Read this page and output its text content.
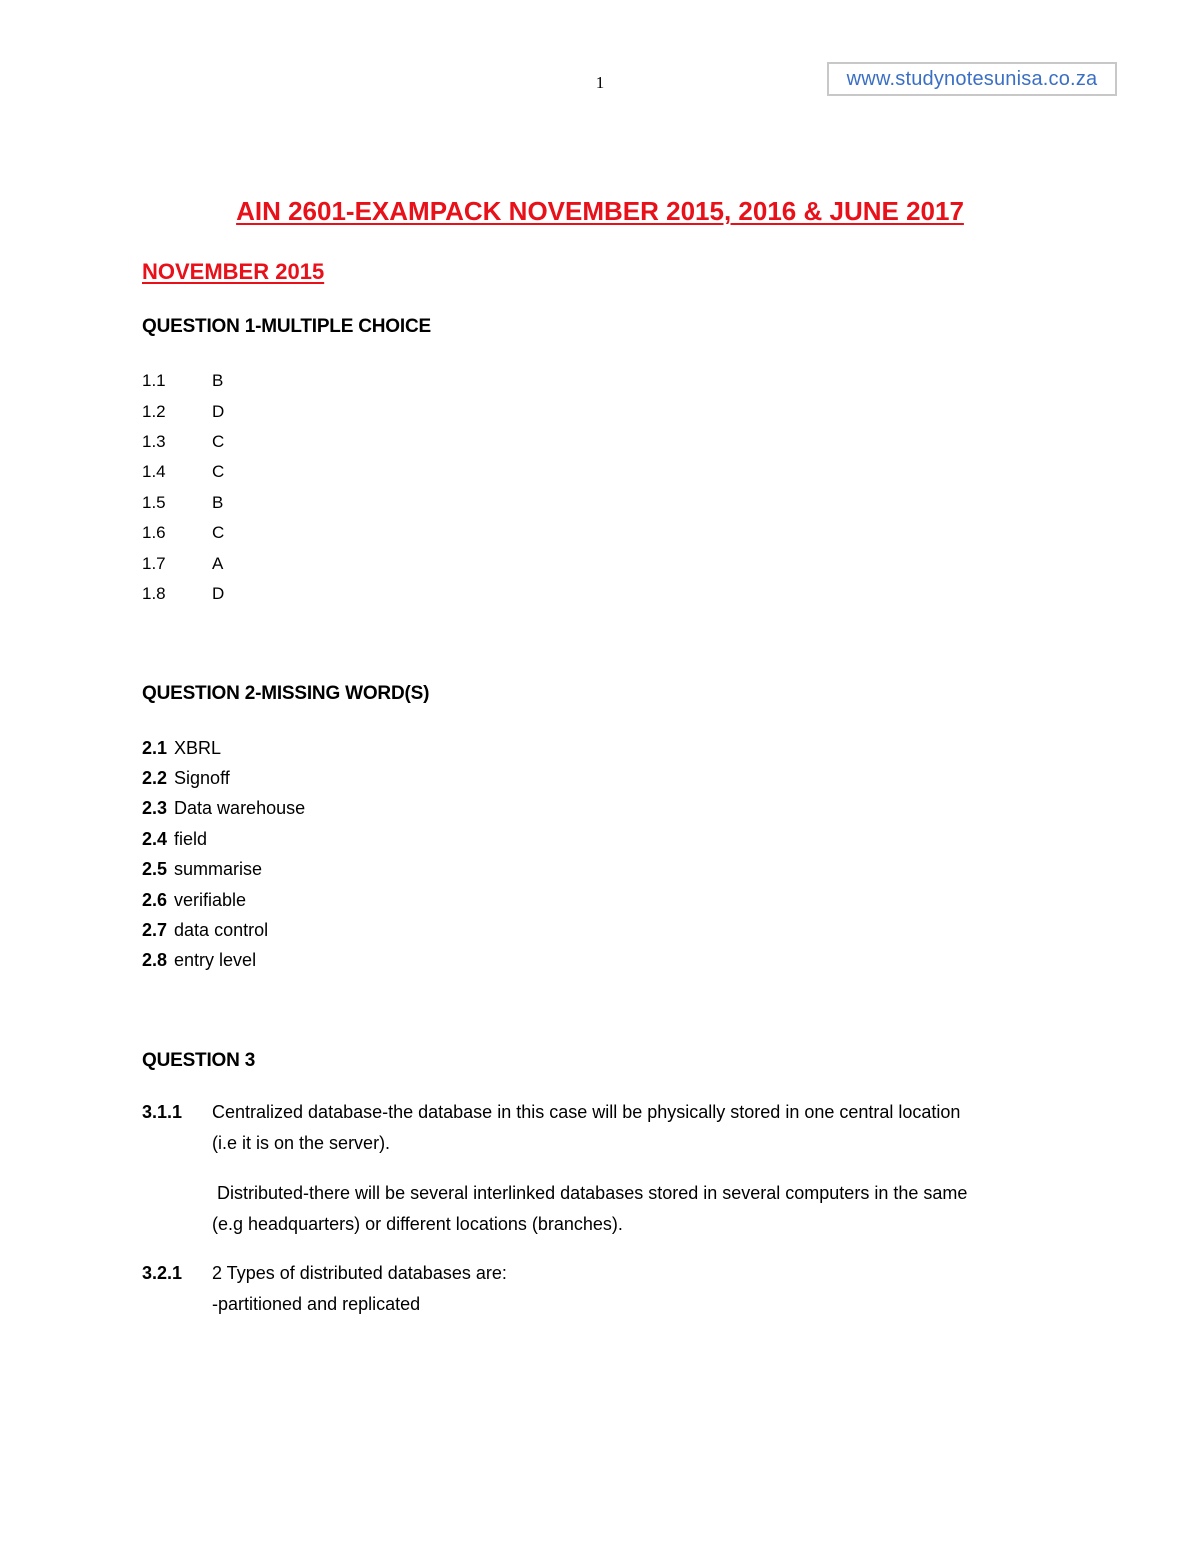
1	www.studynotesunisa.co.za
AIN 2601-EXAMPACK NOVEMBER 2015, 2016 & JUNE 2017
NOVEMBER 2015
QUESTION 1-MULTIPLE CHOICE
1.1	B
1.2	D
1.3	C
1.4	C
1.5	B
1.6	C
1.7	A
1.8	D
QUESTION 2-MISSING WORD(S)
2.1 XBRL
2.2 Signoff
2.3 Data warehouse
2.4 field
2.5 summarise
2.6 verifiable
2.7 data control
2.8 entry level
QUESTION 3
3.1.1	Centralized database-the database in this case will be physically stored in one central location
(i.e it is on the server).
Distributed-there will be several interlinked databases stored in several computers in the same
(e.g headquarters) or different locations (branches).
3.2.1	2 Types of distributed databases are:
-partitioned and replicated
